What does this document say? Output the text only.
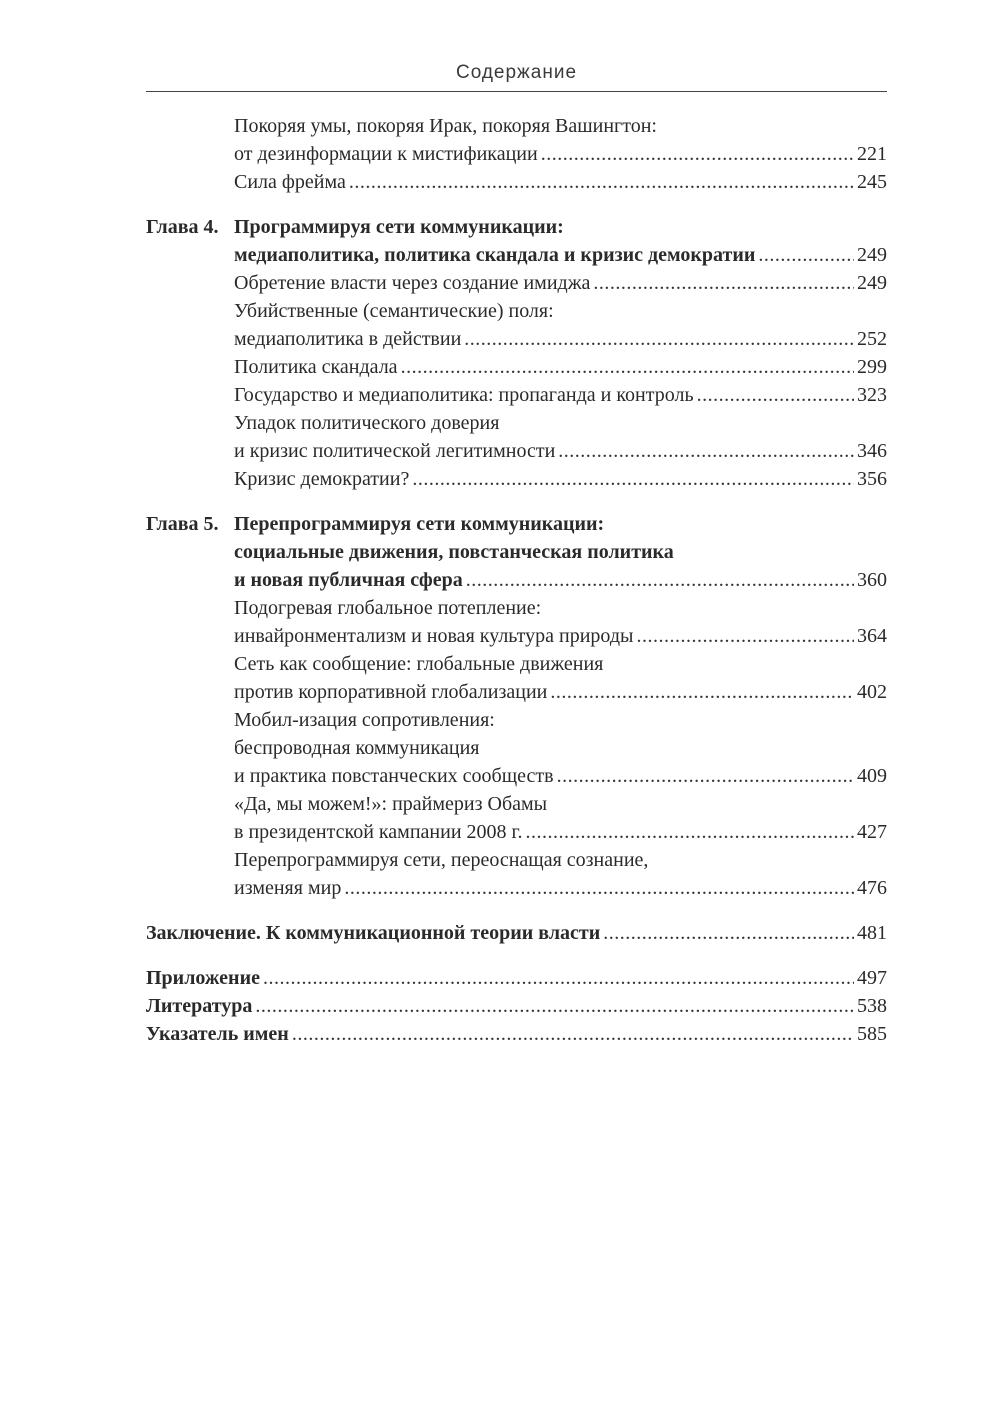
Содержание
Покоряя умы, покоряя Ирак, покоряя Вашингтон:
от дезинформации к мистификации .....	221
Сила фрейма .....	245
Глава 4. Программируя сети коммуникации:
медиаполитика, политика скандала и кризис демократии .....	249
Обретение власти через создание имиджа .....	249
Убийственные (семантические) поля:
медиаполитика в действии .....	252
Политика скандала .....	299
Государство и медиаполитика: пропаганда и контроль .....	323
Упадок политического доверия
и кризис политической легитимности .....	346
Кризис демократии? .....	356
Глава 5. Перепрограммируя сети коммуникации:
социальные движения, повстанческая политика
и новая публичная сфера .....	360
Подогревая глобальное потепление:
инвайронментализм и новая культура природы .....	364
Сеть как сообщение: глобальные движения
против корпоративной глобализации .....	402
Мобил-изация сопротивления:
беспроводная коммуникация
и практика повстанческих сообществ .....	409
«Да, мы можем!»: праймериз Обамы
в президентской кампании 2008 г. .....	427
Перепрограммируя сети, переоснащая сознание,
изменяя мир .....	476
Заключение. К коммуникационной теории власти .....	481
Приложение .....	497
Литература .....	538
Указатель имен .....	585
